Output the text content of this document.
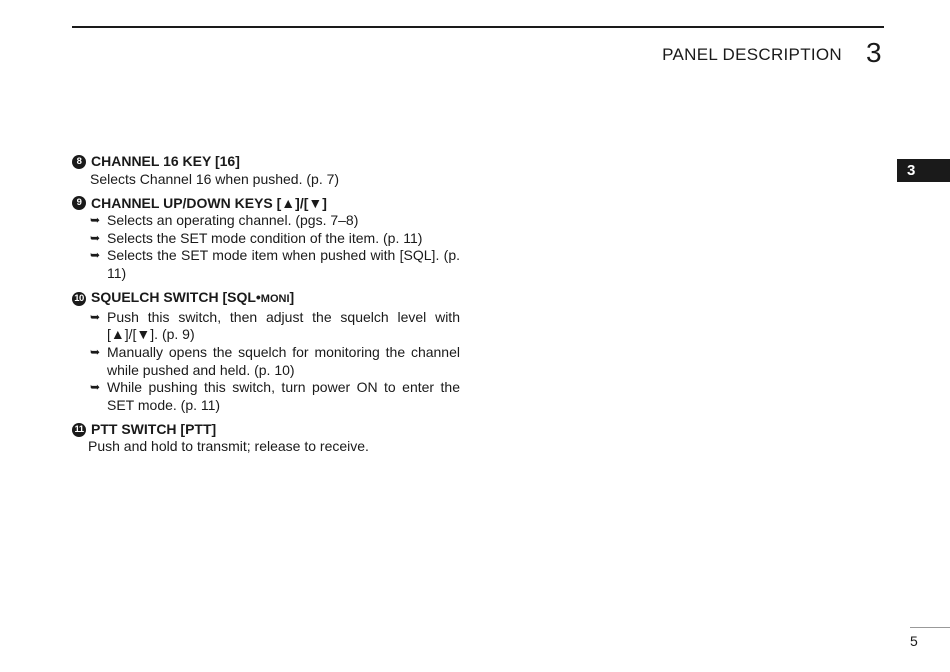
PANEL DESCRIPTION 3
3
8 CHANNEL 16 KEY [16]
Selects Channel 16 when pushed. (p. 7)
9 CHANNEL UP/DOWN KEYS [▲]/[▼]
➥ Selects an operating channel. (pgs. 7–8)
➥ Selects the SET mode condition of the item. (p. 11)
➥ Selects the SET mode item when pushed with [SQL]. (p. 11)
10 SQUELCH SWITCH [SQL•MONI]
➥ Push this switch, then adjust the squelch level with [▲]/[▼]. (p. 9)
➥ Manually opens the squelch for monitoring the channel while pushed and held. (p. 10)
➥ While pushing this switch, turn power ON to enter the SET mode. (p. 11)
11 PTT SWITCH [PTT]
Push and hold to transmit; release to receive.
5
